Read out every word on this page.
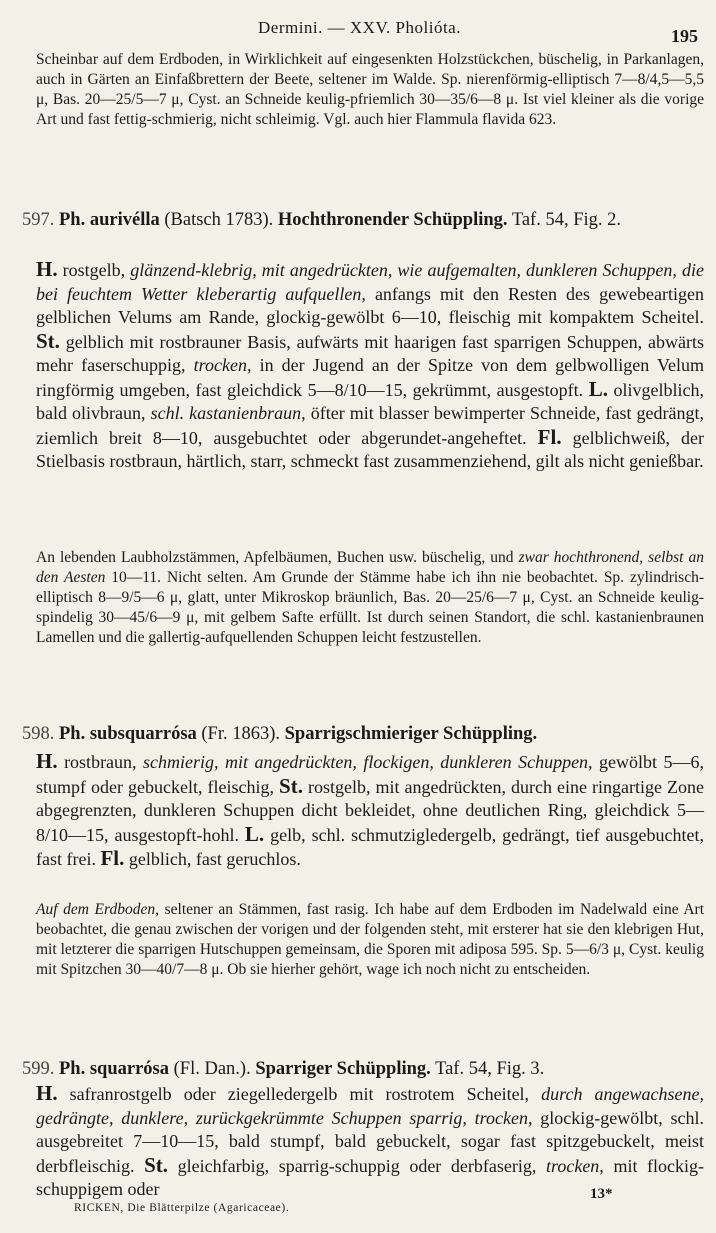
Dermini. — XXV. Pholióta.	195

Scheinbar auf dem Erdboden, in Wirklichkeit auf eingesenkten Holzstückchen, büschelig, in Parkanlagen, auch in Gärten an Einfaßbrettern der Beete, seltener im Walde. Sp. nierenförmig-elliptisch 7—8/4,5—5,5 μ, Bas. 20—25/5—7 μ, Cyst. an Schneide keulig-pfriemlich 30—35/6—8 μ. Ist viel kleiner als die vorige Art und fast fettig-schmierig, nicht schleimig. Vgl. auch hier Flammula flavida 623.

597. Ph. aurivélla (Batsch 1783). Hochthronender Schüppling. Taf. 54, Fig. 2.

H. rostgelb, glänzend-klebrig, mit angedrückten, wie aufgemalten, dunkleren Schuppen, die bei feuchtem Wetter kleberartig aufquellen, anfangs mit den Resten des gewebeartigen gelblichen Velums am Rande, glockig-gewölbt 6—10, fleischig mit kompaktem Scheitel. St. gelblich mit rostbrauner Basis, aufwärts mit haarigen fast sparrigen Schuppen, abwärts mehr faserschuppig, trocken, in der Jugend an der Spitze von dem gelbwolligen Velum ringförmig umgeben, fast gleichdick 5—8/10—15, gekrümmt, ausgestopft. L. olivgelblich, bald olivbraun, schl. kastanienbraun, öfter mit blasser bewimperter Schneide, fast gedrängt, ziemlich breit 8—10, ausgebuchtet oder abgerundet-angeheftet. Fl. gelblichweiß, der Stielbasis rostbraun, härtlich, starr, schmeckt fast zusammenziehend, gilt als nicht genießbar.

An lebenden Laubholzstämmen, Apfelbäumen, Buchen usw. büschelig, und zwar hochthronend, selbst an den Aesten 10—11. Nicht selten. Am Grunde der Stämme habe ich ihn nie beobachtet. Sp. zylindrisch-elliptisch 8—9/5—6 μ, glatt, unter Mikroskop bräunlich, Bas. 20—25/6—7 μ, Cyst. an Schneide keulig-spindelig 30—45/6—9 μ, mit gelbem Safte erfüllt. Ist durch seinen Standort, die schl. kastanienbraunen Lamellen und die gallertig-aufquellenden Schuppen leicht festzustellen.

598. Ph. subsquarrósa (Fr. 1863). Sparrigschmieriger Schüppling.

H. rostbraun, schmierig, mit angedrückten, flockigen, dunkleren Schuppen, gewölbt 5—6, stumpf oder gebuckelt, fleischig, St. rostgelb, mit angedrückten, durch eine ringartige Zone abgegrenzten, dunkleren Schuppen dicht bekleidet, ohne deutlichen Ring, gleichdick 5—8/10—15, ausgestopft-hohl. L. gelb, schl. schmutzigledergelb, gedrängt, tief ausgebuchtet, fast frei. Fl. gelblich, fast geruchlos.

Auf dem Erdboden, seltener an Stämmen, fast rasig. Ich habe auf dem Erdboden im Nadelwald eine Art beobachtet, die genau zwischen der vorigen und der folgenden steht, mit ersterer hat sie den klebrigen Hut, mit letzterer die sparrigen Hutschuppen gemeinsam, die Sporen mit adiposa 595. Sp. 5—6/3 μ, Cyst. keulig mit Spitzchen 30—40/7—8 μ. Ob sie hierher gehört, wage ich noch nicht zu entscheiden.

599. Ph. squarrósa (Fl. Dan.). Sparriger Schüppling. Taf. 54, Fig. 3.

H. safranrostgelb oder ziegelledergelb mit rostrotem Scheitel, durch angewachsene, gedrängte, dunklere, zurückgekrümmte Schuppen sparrig, trocken, glockig-gewölbt, schl. ausgebreitet 7—10—15, bald stumpf, bald gebuckelt, sogar fast spitzgebuckelt, meist derbfleischig. St. gleichfarbig, sparrig-schuppig oder derbfaserig, trocken, mit flockig-schuppigem oder	13*
RICKEN, Die Blätterpilze (Agaricaceae).
